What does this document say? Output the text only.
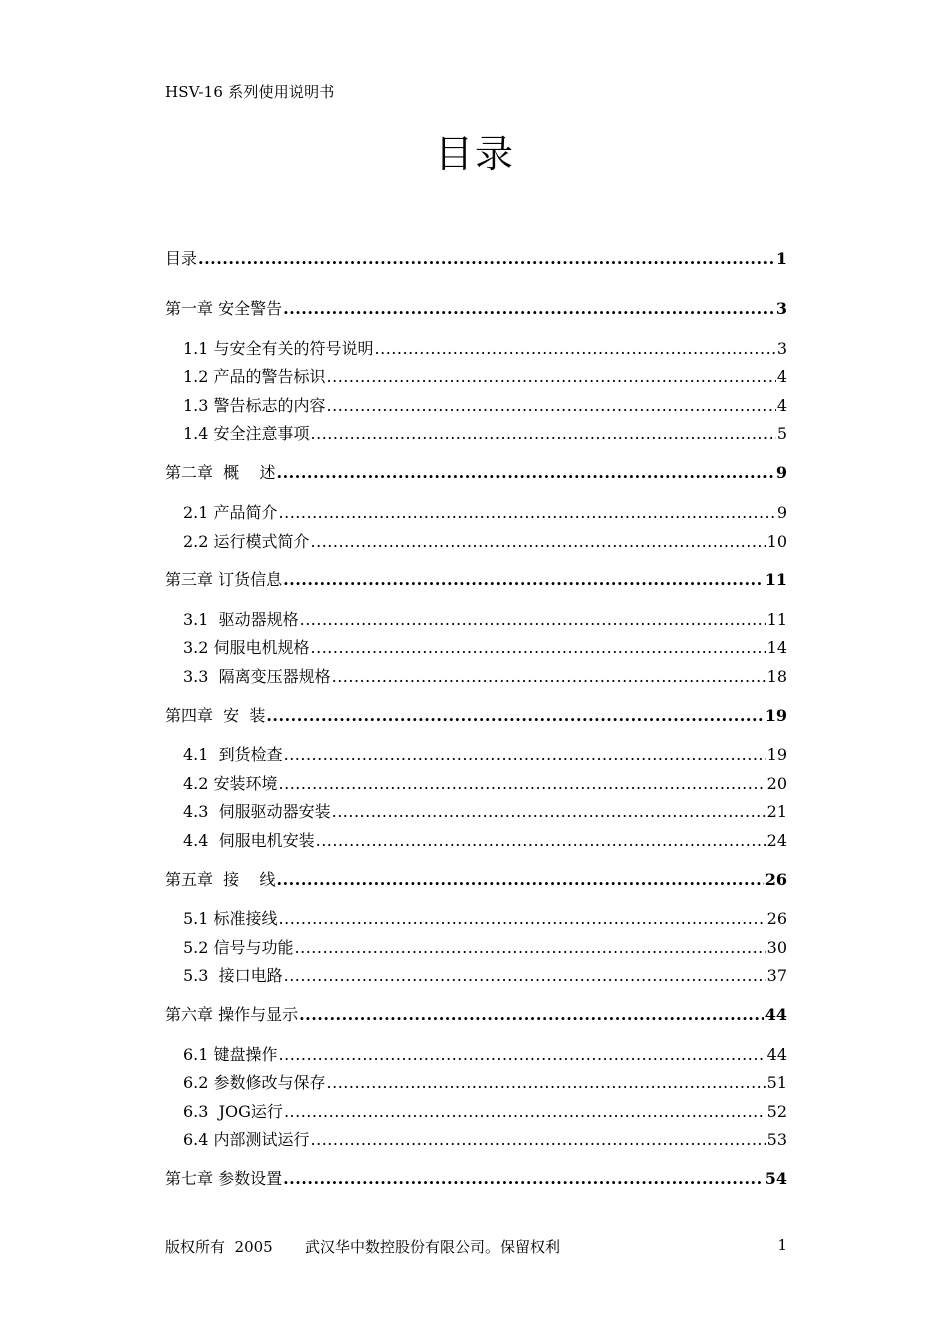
HSV-16 系列使用说明书
目录
目录 .....	1
第一章 安全警告 .....	3
1.1 与安全有关的符号说明 .....	3
1.2 产品的警告标识 .....	4
1.3 警告标志的内容 .....	4
1.4 安全注意事项 .....	5
第二章  概    述 .....	9
2.1 产品简介 .....	9
2.2 运行模式简介 .....	10
第三章 订货信息 .....	11
3.1  驱动器规格 .....	11
3.2 伺服电机规格 .....	14
3.3  隔离变压器规格 .....	18
第四章  安  装 .....	19
4.1  到货检查 .....	19
4.2 安装环境 .....	20
4.3  伺服驱动器安装 .....	21
4.4  伺服电机安装 .....	24
第五章  接    线 .....	26
5.1 标准接线 .....	26
5.2 信号与功能 .....	30
5.3  接口电路 .....	37
第六章 操作与显示 .....	44
6.1 键盘操作 .....	44
6.2 参数修改与保存 .....	51
6.3  JOG运行 .....	52
6.4 内部测试运行 .....	53
第七章 参数设置 .....	54
版权所有  2005 武汉华中数控股份有限公司。保留权利	1
